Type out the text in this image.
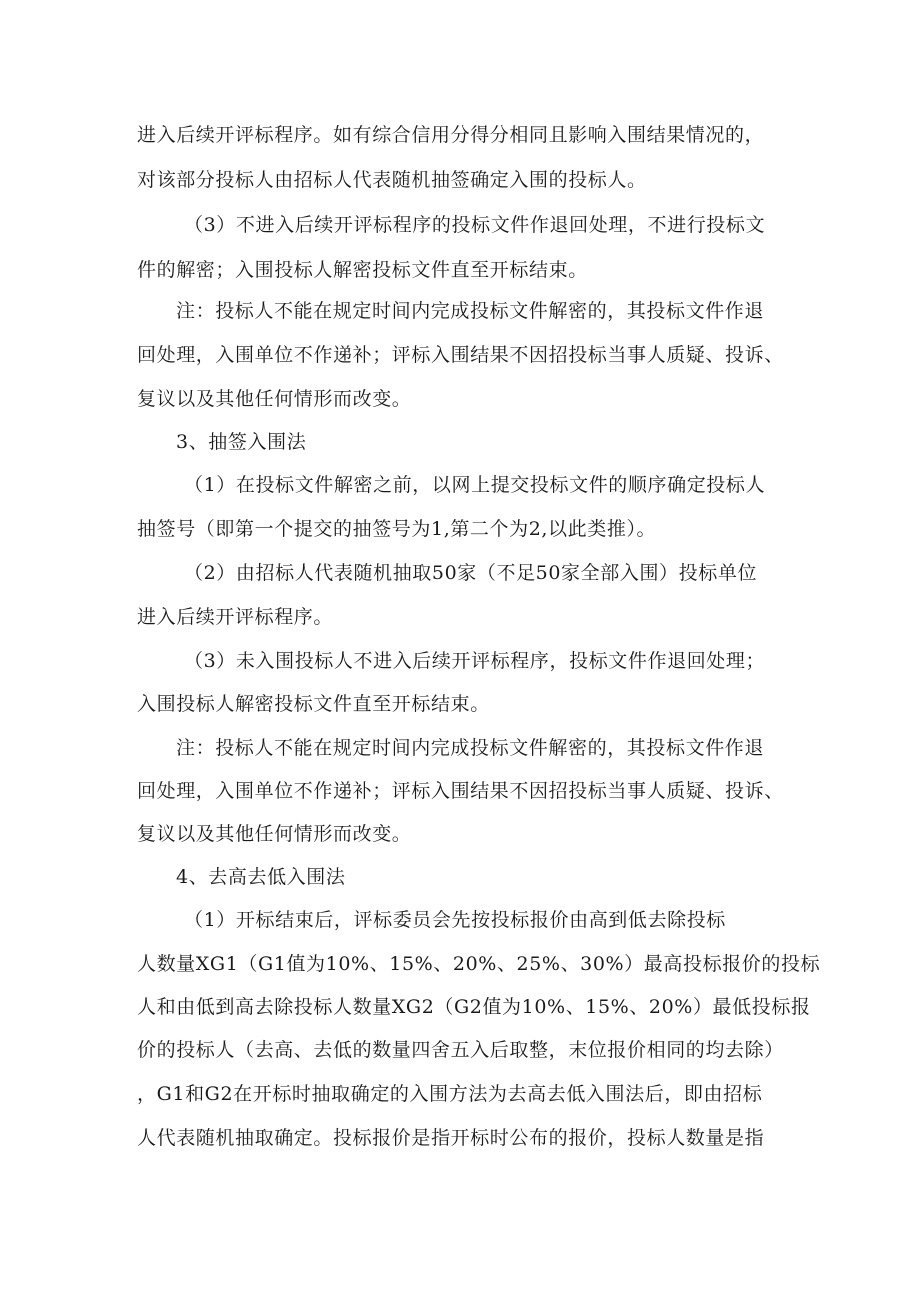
进入后续开评标程序。如有综合信用分得分相同且影响入围结果情况的，
对该部分投标人由招标人代表随机抽签确定入围的投标人。
（3）不进入后续开评标程序的投标文件作退回处理，不进行投标文
件的解密；入围投标人解密投标文件直至开标结束。
注：投标人不能在规定时间内完成投标文件解密的，其投标文件作退
回处理，入围单位不作递补；评标入围结果不因招投标当事人质疑、投诉、
复议以及其他任何情形而改变。
3、抽签入围法
（1）在投标文件解密之前，以网上提交投标文件的顺序确定投标人
抽签号（即第一个提交的抽签号为1,第二个为2,以此类推）。
（2）由招标人代表随机抽取50家（不足50家全部入围）投标单位
进入后续开评标程序。
（3）未入围投标人不进入后续开评标程序，投标文件作退回处理；
入围投标人解密投标文件直至开标结束。
注：投标人不能在规定时间内完成投标文件解密的，其投标文件作退
回处理，入围单位不作递补；评标入围结果不因招投标当事人质疑、投诉、
复议以及其他任何情形而改变。
4、去高去低入围法
（1）开标结束后，评标委员会先按投标报价由高到低去除投标
人数量XG1（G1值为10%、15%、20%、25%、30%）最高投标报价的投标
人和由低到高去除投标人数量XG2（G2值为10%、15%、20%）最低投标报
价的投标人（去高、去低的数量四舍五入后取整，末位报价相同的均去除）
，G1和G2在开标时抽取确定的入围方法为去高去低入围法后，即由招标
人代表随机抽取确定。投标报价是指开标时公布的报价，投标人数量是指
